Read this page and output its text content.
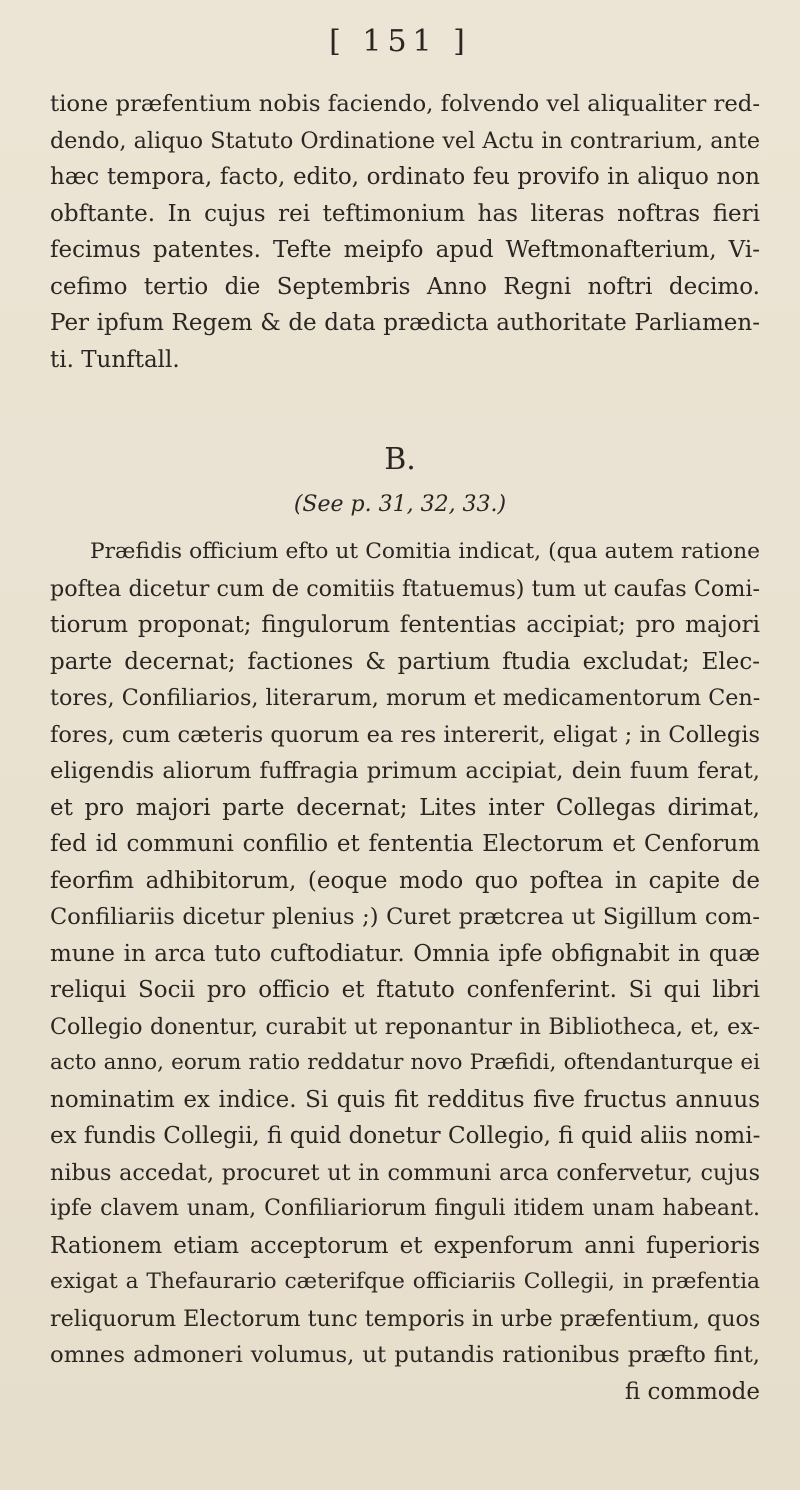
[ 151 ]
tione præfentium nobis faciendo, folvendo vel aliqualiter red-
dendo, aliquo Statuto Ordinatione vel Actu in contrarium, ante
hæc tempora, facto, edito, ordinato feu provifo in aliquo non
obftante. In cujus rei teftimonium has literas noftras fieri
fecimus patentes. Tefte meipfo apud Weftmonafterium, Vi-
cefimo tertio die Septembris Anno Regni noftri decimo.
Per ipfum Regem & de data prædicta authoritate Parliamen-
ti. Tunftall.
B.
(See p. 31, 32, 33.)
Præfidis officium efto ut Comitia indicat, (qua autem ratione
poftea dicetur cum de comitiis ftatuemus) tum ut caufas Comi-
tiorum proponat; fingulorum fententias accipiat; pro majori
parte decernat; factiones & partium ftudia excludat; Elec-
tores, Confiliarios, literarum, morum et medicamentorum Cen-
fores, cum cæteris quorum ea res intererit, eligat ; in Collegis
eligendis aliorum fuffragia primum accipiat, dein fuum ferat,
et pro majori parte decernat; Lites inter Collegas dirimat,
fed id communi confilio et fententia Electorum et Cenforum
feorfim adhibitorum, (eoque modo quo poftea in capite de
Confiliariis dicetur plenius ;) Curet prætcrea ut Sigillum com-
mune in arca tuto cuftodiatur. Omnia ipfe obfignabit in quæ
reliqui Socii pro officio et ftatuto confenferint. Si qui libri
Collegio donentur, curabit ut reponantur in Bibliotheca, et, ex-
acto anno, eorum ratio reddatur novo Præfidi, oftendanturque ei
nominatim ex indice. Si quis fit redditus five fructus annuus
ex fundis Collegii, fi quid donetur Collegio, fi quid aliis nomi-
nibus accedat, procuret ut in communi arca confervetur, cujus
ipfe clavem unam, Confiliariorum finguli itidem unam habeant.
Rationem etiam acceptorum et expenforum anni fuperioris
exigat a Thefaurario cæterifque officiariis Collegii, in præfentia
reliquorum Electorum tunc temporis in urbe præfentium, quos
omnes admoneri volumus, ut putandis rationibus præfto fint,
fi commode
